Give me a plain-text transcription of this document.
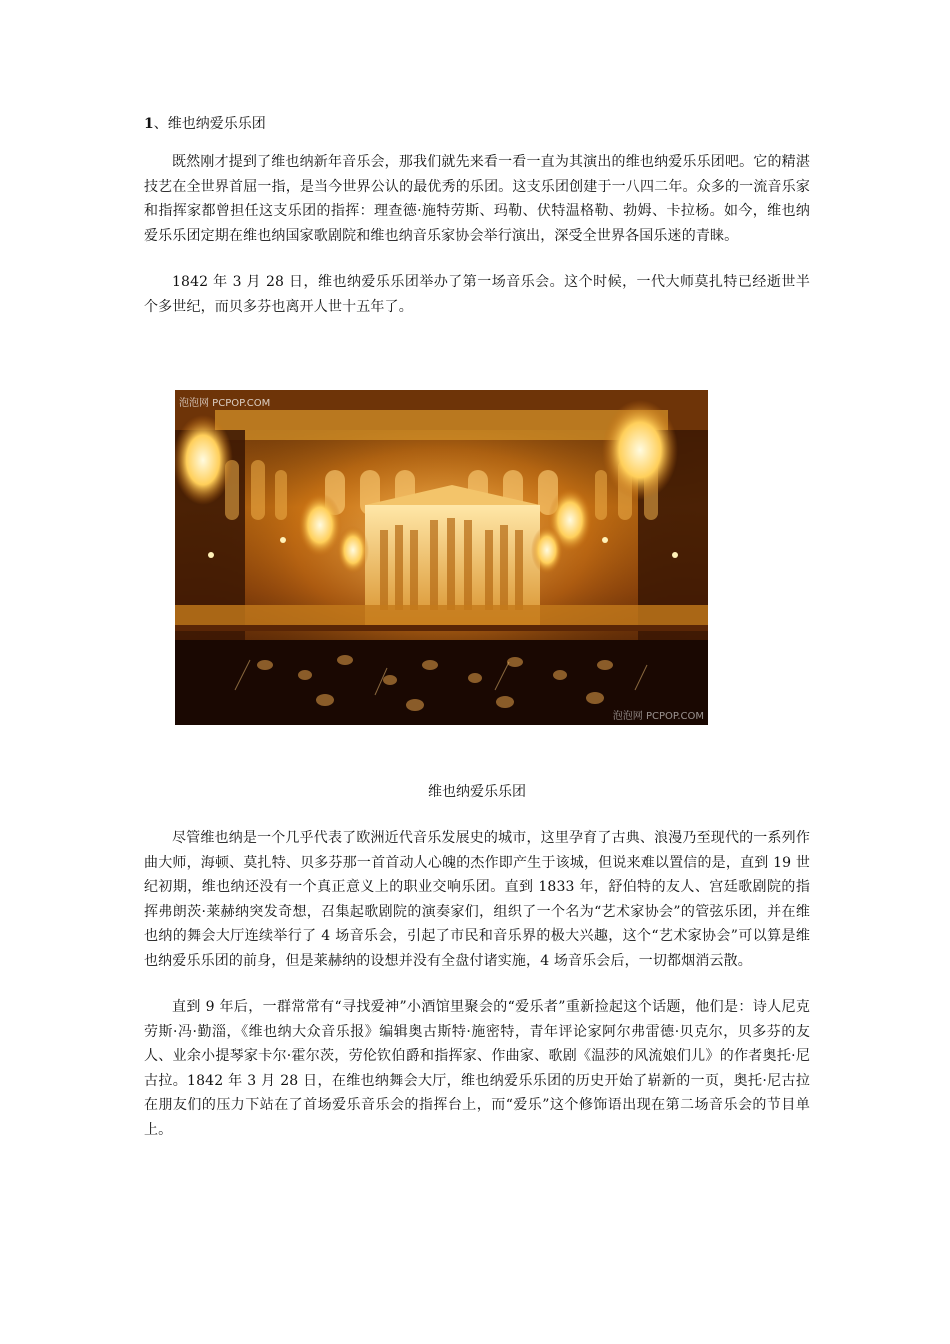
1、维也纳爱乐乐团

既然刚才提到了维也纳新年音乐会，那我们就先来看一看一直为其演出的维也纳爱乐乐团吧。它的精湛技艺在全世界首屈一指，是当今世界公认的最优秀的乐团。这支乐团创建于一八四二年。众多的一流音乐家和指挥家都曾担任这支乐团的指挥：理查德·施特劳斯、玛勒、伏特温格勒、勃姆、卡拉杨。如今，维也纳爱乐乐团定期在维也纳国家歌剧院和维也纳音乐家协会举行演出，深受全世界各国乐迷的青睐。

1842 年 3 月 28 日，维也纳爱乐乐团举办了第一场音乐会。这个时候，一代大师莫扎特已经逝世半个多世纪，而贝多芬也离开人世十五年了。

泡泡网 PCPOP.COM
泡泡网 PCPOP.COM
维也纳爱乐乐团

尽管维也纳是一个几乎代表了欧洲近代音乐发展史的城市，这里孕育了古典、浪漫乃至现代的一系列作曲大师，海顿、莫扎特、贝多芬那一首首动人心魄的杰作即产生于该城，但说来难以置信的是，直到 19 世纪初期，维也纳还没有一个真正意义上的职业交响乐团。直到 1833 年，舒伯特的友人、宫廷歌剧院的指挥弗朗茨·莱赫纳突发奇想，召集起歌剧院的演奏家们，组织了一个名为“艺术家协会”的管弦乐团，并在维也纳的舞会大厅连续举行了 4 场音乐会，引起了市民和音乐界的极大兴趣，这个“艺术家协会”可以算是维也纳爱乐乐团的前身，但是莱赫纳的设想并没有全盘付诸实施，4 场音乐会后，一切都烟消云散。

直到 9 年后，一群常常有“寻找爱神”小酒馆里聚会的“爱乐者”重新捡起这个话题，他们是：诗人尼克劳斯·冯·勤淄，《维也纳大众音乐报》编辑奥古斯特·施密特，青年评论家阿尔弗雷德·贝克尔，贝多芬的友人、业余小提琴家卡尔·霍尔茨，劳伦钦伯爵和指挥家、作曲家、歌剧《温莎的风流娘们儿》的作者奥托·尼古拉。1842 年 3 月 28 日，在维也纳舞会大厅，维也纳爱乐乐团的历史开始了崭新的一页，奥托·尼古拉在朋友们的压力下站在了首场爱乐音乐会的指挥台上，而“爱乐”这个修饰语出现在第二场音乐会的节目单上。
